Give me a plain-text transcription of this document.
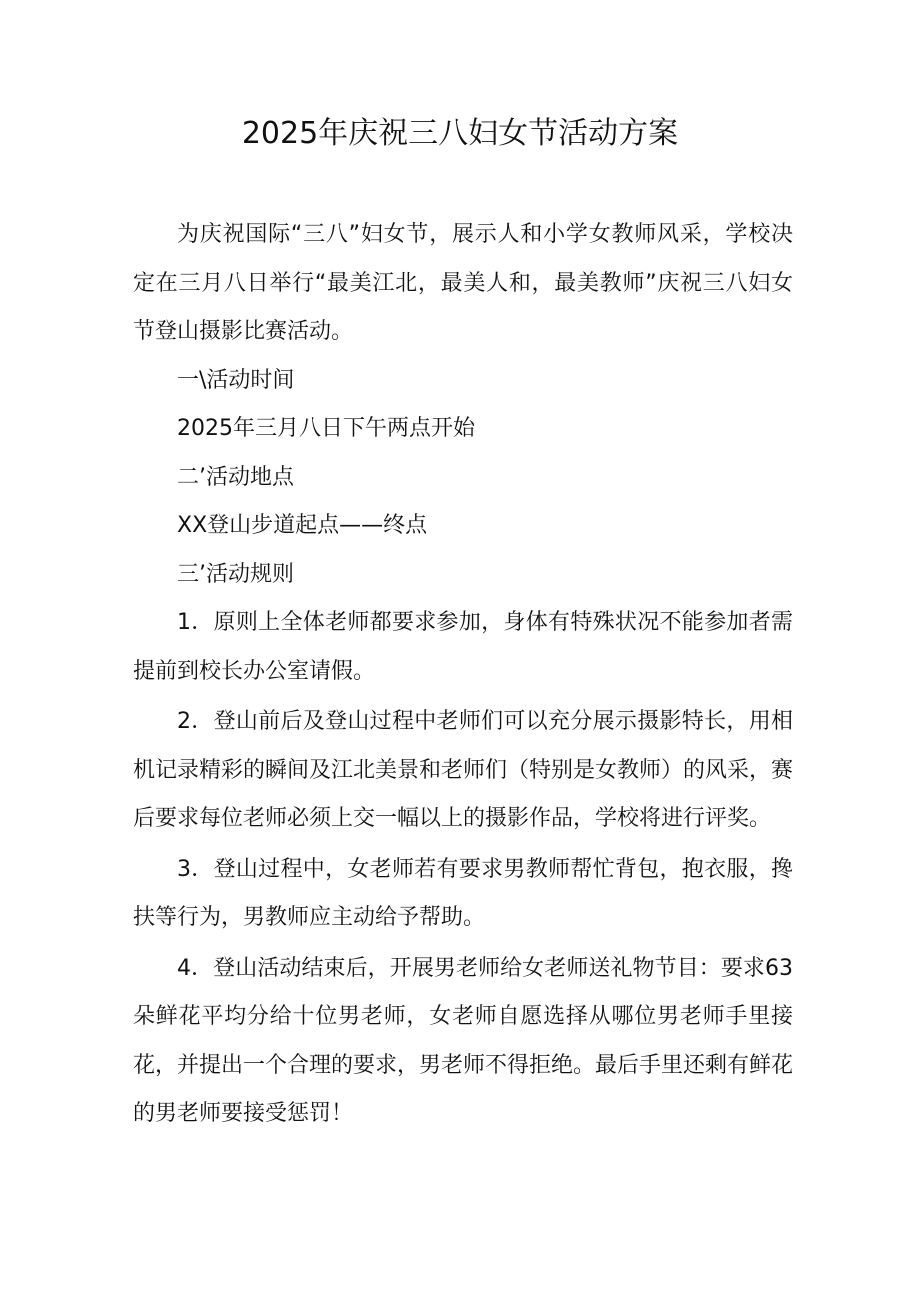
2025年庆祝三八妇女节活动方案

为庆祝国际“三八”妇女节，展示人和小学女教师风采，学校决定在三月八日举行“最美江北，最美人和，最美教师”庆祝三八妇女节登山摄影比赛活动。

一\活动时间

2025年三月八日下午两点开始

二’活动地点

XX登山步道起点——终点

三’活动规则

1．原则上全体老师都要求参加，身体有特殊状况不能参加者需提前到校长办公室请假。

2．登山前后及登山过程中老师们可以充分展示摄影特长，用相机记录精彩的瞬间及江北美景和老师们（特别是女教师）的风采，赛后要求每位老师必须上交一幅以上的摄影作品，学校将进行评奖。

3．登山过程中，女老师若有要求男教师帮忙背包，抱衣服，搀扶等行为，男教师应主动给予帮助。

4．登山活动结束后，开展男老师给女老师送礼物节目：要求63朵鲜花平均分给十位男老师，女老师自愿选择从哪位男老师手里接花，并提出一个合理的要求，男老师不得拒绝。最后手里还剩有鲜花的男老师要接受惩罚！
